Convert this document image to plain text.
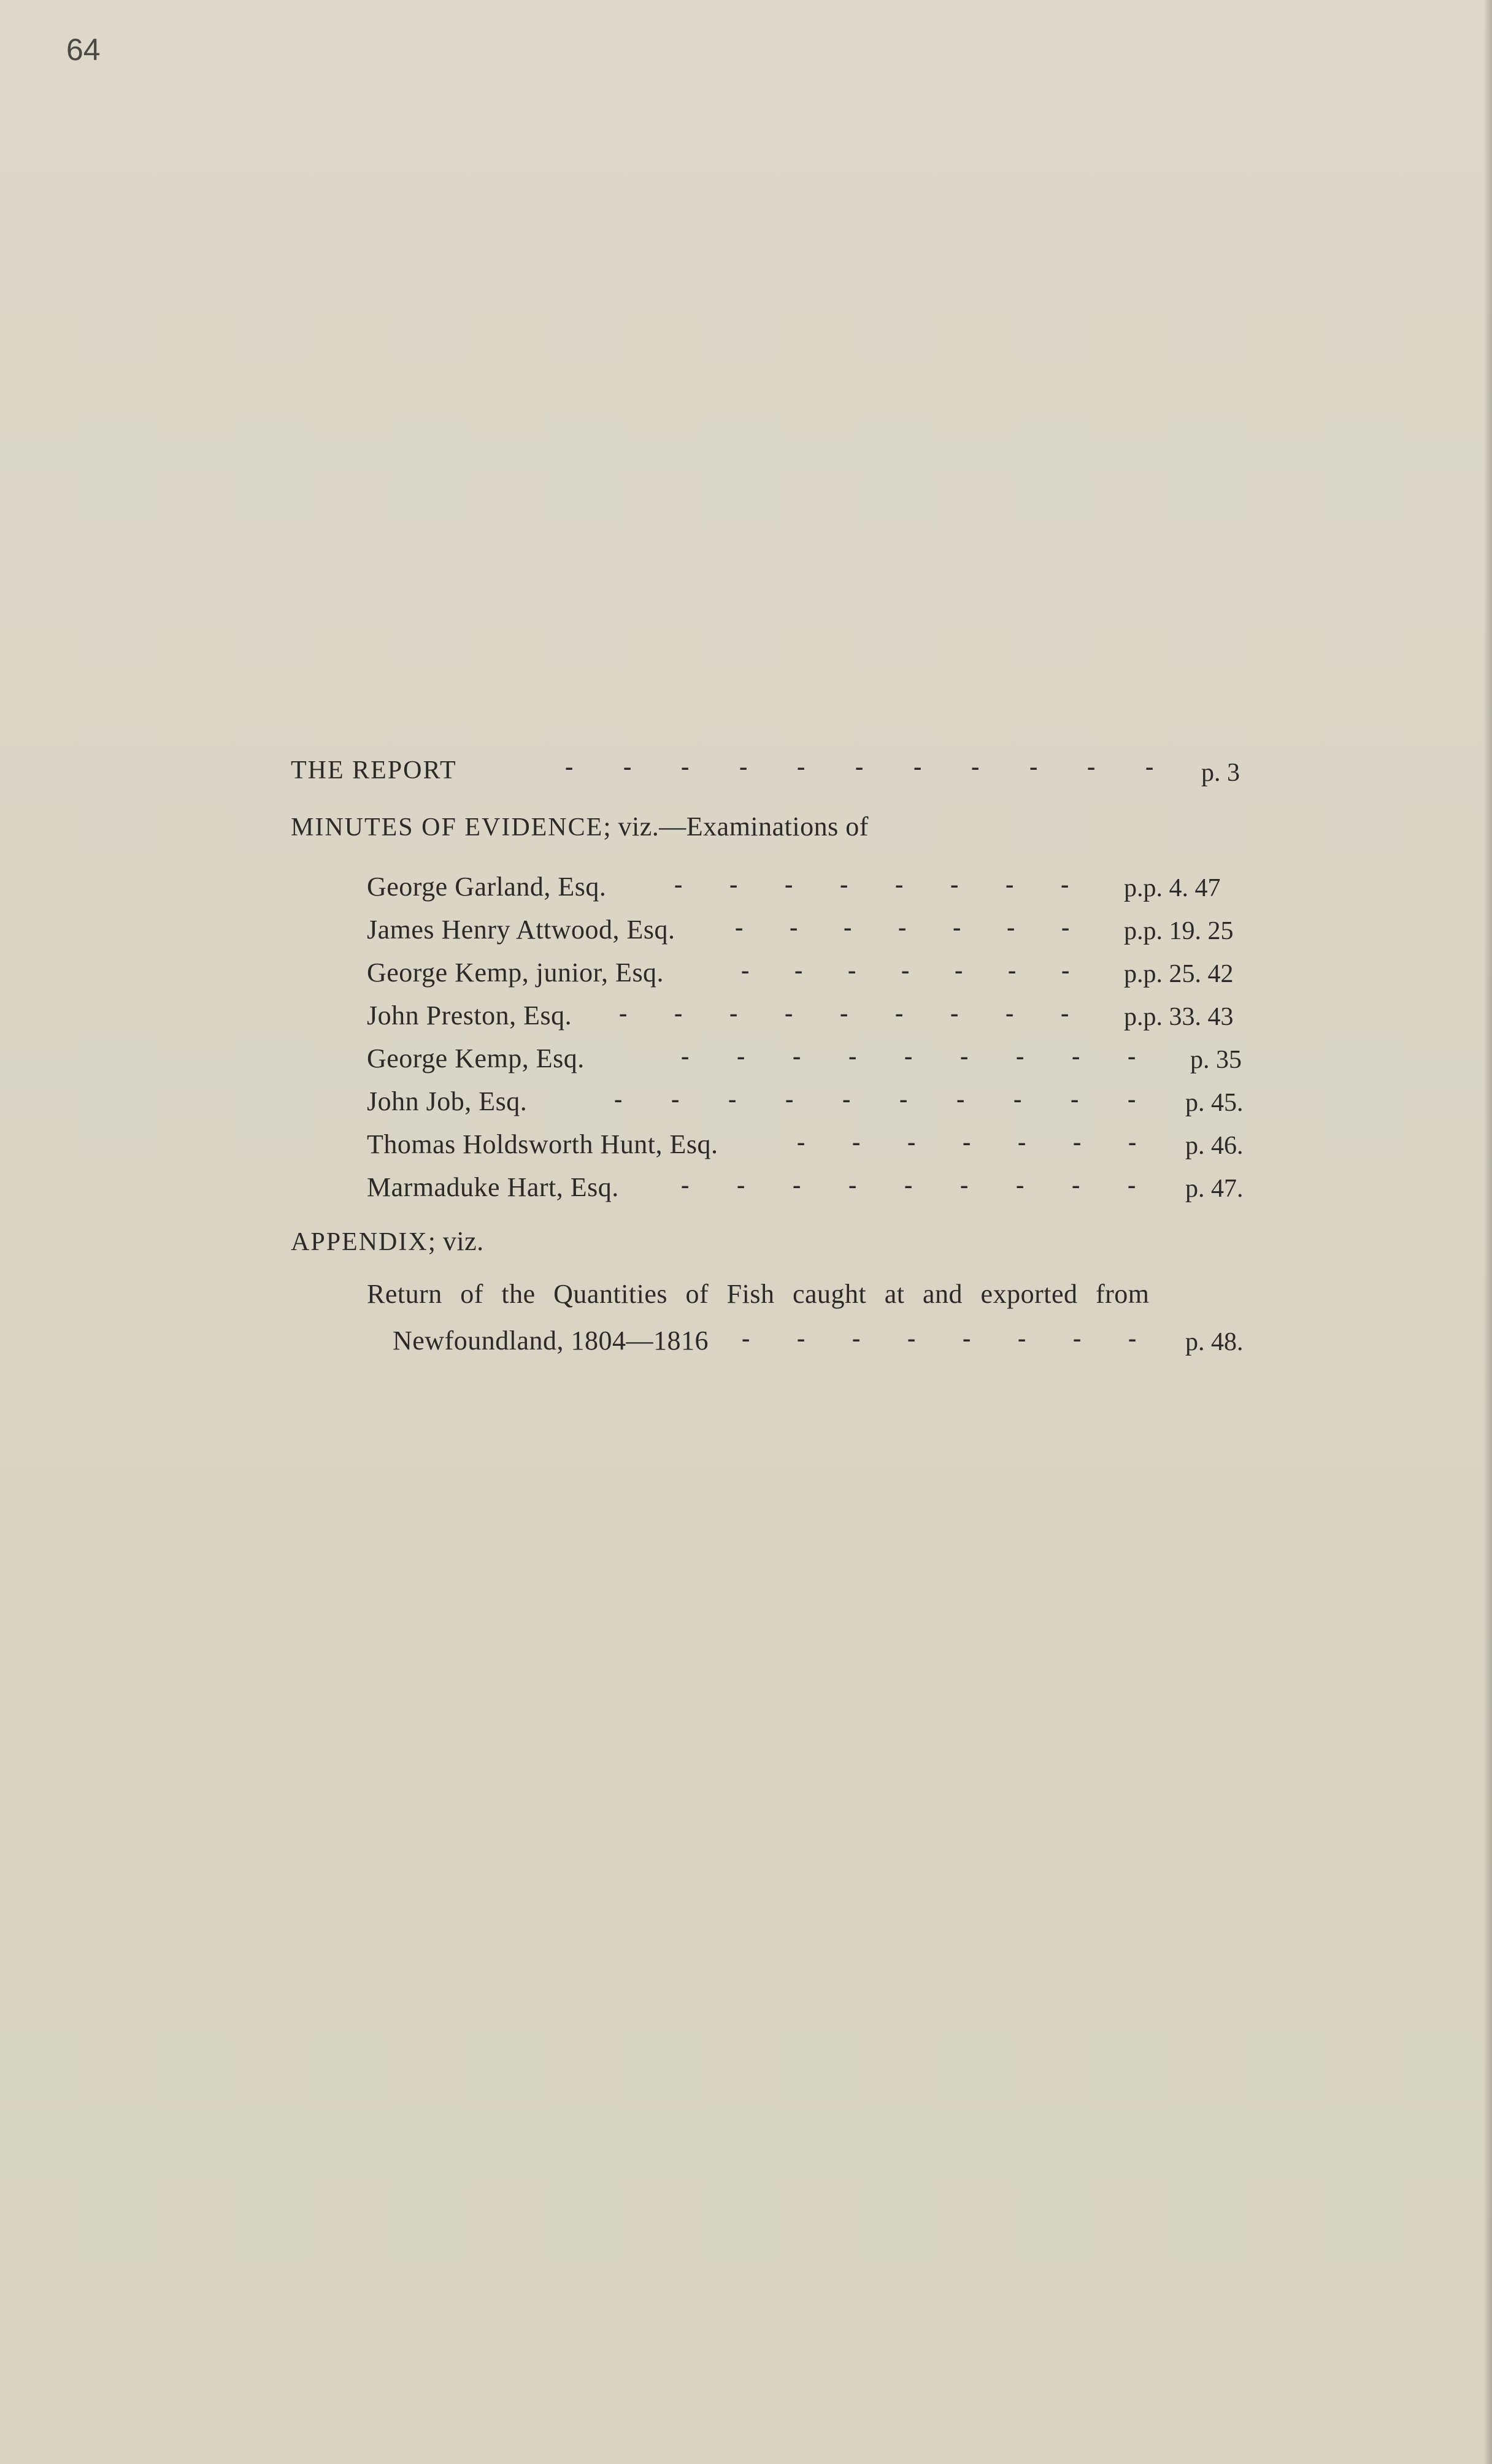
64
THE REPORT	- - - - - - - - - - - p. 3
MINUTES OF EVIDENCE ; viz.—Examinations of
George Garland, Esq.	- - - - - - - - p.p. 4. 47
James Henry Attwood, Esq. - - - - - - - p.p. 19. 25
George Kemp, junior, Esq.	- - - - - - - p.p. 25. 42
John Preston, Esq. - - - - - - - - - p.p. 33. 43
George Kemp, Esq.	- - - - - - - - - p. 35
John Job, Esq.	- - - - - - - - - - p. 45.
Thomas Holdsworth Hunt, Esq.	- - - - - - - p. 46.
Marmaduke Hart, Esq.	- - - - - - - - - p. 47.
APPENDIX ; viz.
Return of the Quantities of Fish caught at and exported from
Newfoundland, 1804—1816 - - - - - - - - p. 48.
